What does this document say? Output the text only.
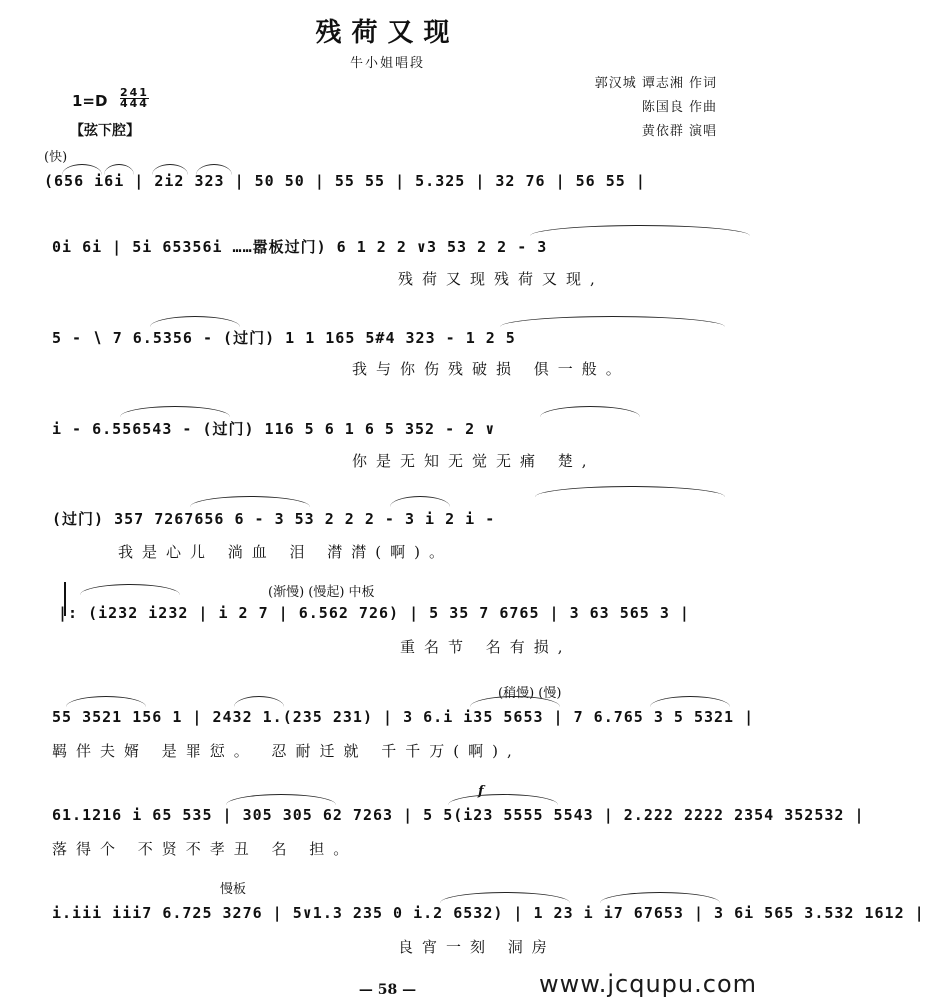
残荷又现
牛小姐唱段
郭汉城 谭志湘 作词
陈国良 作曲
黄依群 演唱
1=D 241
444
【弦下腔】
(快)
(656 i6i | 2i2 323 | 50 50 | 55 55 | 5.325 | 32 76 | 56 55 |
0i 6i | 5i 65356i ……嚣板过门) 6 1 2 2 ∨3 53 2 2 - 3
残荷又现残荷又现,
5 - ∖ 7 6.5356 - (过门) 1 1 165 5#4 323 - 1 2 5
我与你伤残破损 俱一般。
i - 6.556543 - (过门) 116 5 6 1 6 5 352 - 2 ∨
你是无知无觉无痛 楚,
(过门) 357 7267656 6 - 3 53 2 2 2 - 3 i 2 i -
我是心儿 淌血 泪 潸潸(啊)。
(渐慢) (慢起) 中板
|: (i232 i232 | i 2 7 | 6.562 726) | 5 35 7 6765 | 3 63 565 3 |
重名节 名有损,
(稍慢) (慢)
55 3521 156 1 | 2432 1.(235 231) | 3 6.i i35 5653 | 7 6.765 3 5 5321 |
羁伴夫婿 是罪愆。 忍耐迁就 千千万(啊),
f
61.1216 i 65 535 | 305 305 62 7263 | 5 5(i23 5555 5543 | 2.222 2222 2354 352532 |
落得个 不贤不孝丑 名 担。
慢板
i.iii iii7 6.725 3276 | 5∨1.3 235 0 i.2 6532) | 1 23 i i7 67653 | 3 6i 565 3.532 1612 |
良宵一刻 洞房
— 58 —	www.jcqupu.com
